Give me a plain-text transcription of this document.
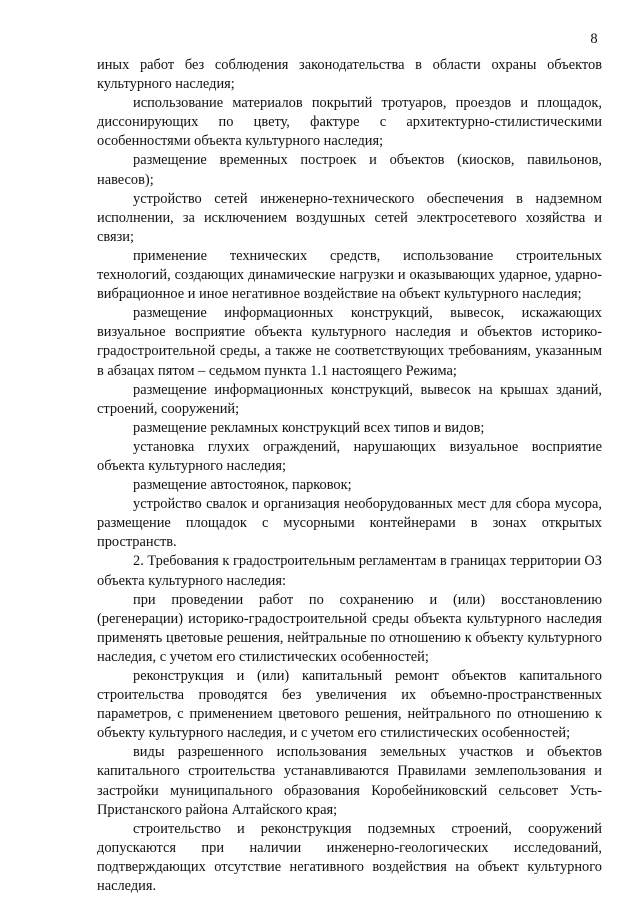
8

иных работ без соблюдения законодательства в области охраны объектов культурного наследия;

использование материалов покрытий тротуаров, проездов и площадок, диссонирующих по цвету, фактуре с архитектурно-стилистическими особенностями объекта культурного наследия;

размещение временных построек и объектов (киосков, павильонов, навесов);

устройство сетей инженерно-технического обеспечения в надземном исполнении, за исключением воздушных сетей электросетевого хозяйства и связи;

применение технических средств, использование строительных технологий, создающих динамические нагрузки и оказывающих ударное, ударно-вибрационное и иное негативное воздействие на объект культурного наследия;

размещение информационных конструкций, вывесок, искажающих визуальное восприятие объекта культурного наследия и объектов историко-градостроительной среды, а также не соответствующих требованиям, указанным в абзацах пятом – седьмом пункта 1.1 настоящего Режима;

размещение информационных конструкций, вывесок на крышах зданий, строений, сооружений;

размещение рекламных конструкций всех типов и видов;

установка глухих ограждений, нарушающих визуальное восприятие объекта культурного наследия;

размещение автостоянок, парковок;

устройство свалок и организация необорудованных мест для сбора мусора, размещение площадок с мусорными контейнерами в зонах открытых пространств.

2. Требования к градостроительным регламентам в границах территории ОЗ объекта культурного наследия:

при проведении работ по сохранению и (или) восстановлению (регенерации) историко-градостроительной среды объекта культурного наследия применять цветовые решения, нейтральные по отношению к объекту культурного наследия, с учетом его стилистических особенностей;

реконструкция и (или) капитальный ремонт объектов капитального строительства проводятся без увеличения их объемно-пространственных параметров, с применением цветового решения, нейтрального по отношению к объекту культурного наследия, и с учетом его стилистических особенностей;

виды разрешенного использования земельных участков и объектов капитального строительства устанавливаются Правилами землепользования и застройки муниципального образования Коробейниковский сельсовет Усть-Пристанского района Алтайского края;

строительство и реконструкция подземных строений, сооружений допускаются при наличии инженерно-геологических исследований, подтверждающих отсутствие негативного воздействия на объект культурного наследия.
